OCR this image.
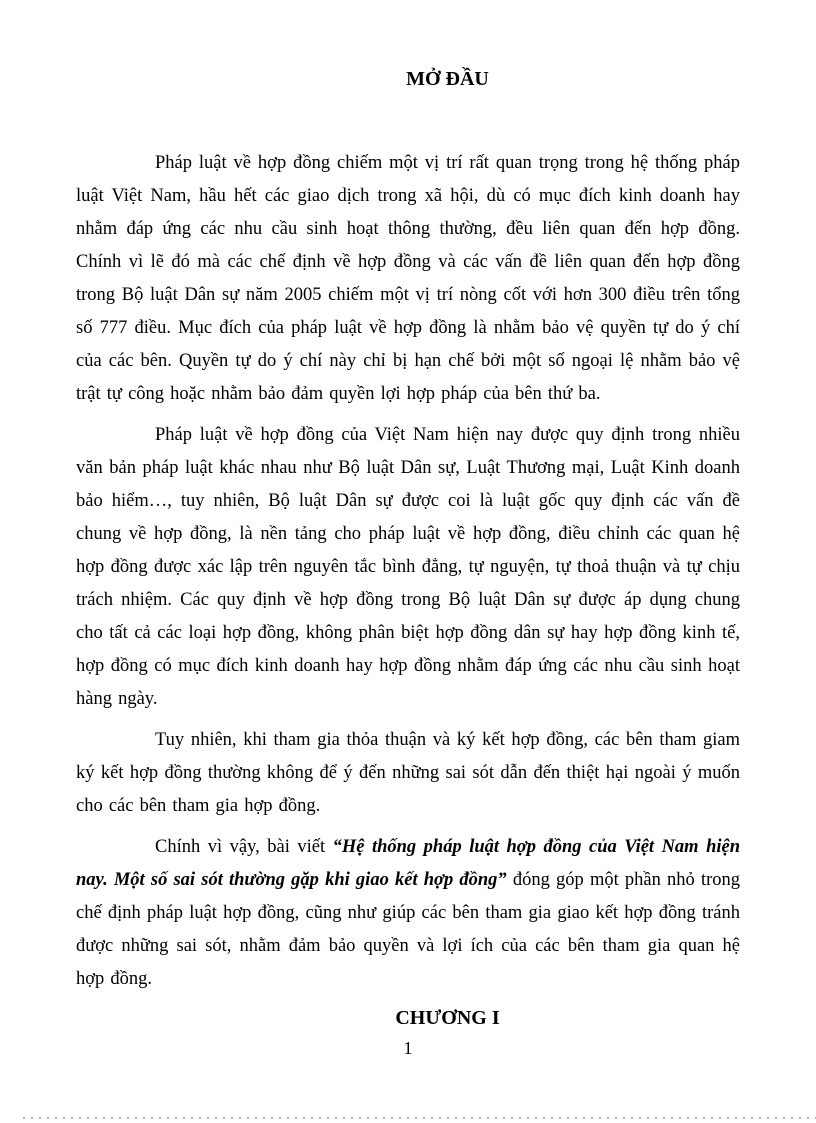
MỞ ĐẦU

Pháp luật về hợp đồng chiếm một vị trí rất quan trọng trong hệ thống pháp luật Việt Nam, hầu hết các giao dịch trong xã hội, dù có mục đích kinh doanh hay nhằm đáp ứng các nhu cầu sinh hoạt thông thường, đều liên quan đến hợp đồng. Chính vì lẽ đó mà các chế định về hợp đồng và các vấn đề liên quan đến hợp đồng trong Bộ luật Dân sự năm 2005 chiếm một vị trí nòng cốt với hơn 300 điều trên tổng số 777 điều. Mục đích của pháp luật về hợp đồng là nhằm bảo vệ quyền tự do ý chí của các bên. Quyền tự do ý chí này chỉ bị hạn chế bởi một số ngoại lệ nhằm bảo vệ trật tự công hoặc nhằm bảo đảm quyền lợi hợp pháp của bên thứ ba.

Pháp luật về hợp đồng của Việt Nam hiện nay được quy định trong nhiều văn bản pháp luật khác nhau như Bộ luật Dân sự, Luật Thương mại, Luật Kinh doanh bảo hiểm…, tuy nhiên, Bộ luật Dân sự được coi là luật gốc quy định các vấn đề chung về hợp đồng, là nền tảng cho pháp luật về hợp đồng, điều chỉnh các quan hệ hợp đồng được xác lập trên nguyên tắc bình đẳng, tự nguyện, tự thoả thuận và tự chịu trách nhiệm. Các quy định về hợp đồng trong Bộ luật Dân sự được áp dụng chung cho tất cả các loại hợp đồng, không phân biệt hợp đồng dân sự hay hợp đồng kinh tế, hợp đồng có mục đích kinh doanh hay hợp đồng nhằm đáp ứng các nhu cầu sinh hoạt hàng ngày.

Tuy nhiên, khi tham gia thỏa thuận và ký kết hợp đồng, các bên tham giam ký kết hợp đồng thường không để ý đến những sai sót dẫn đến thiệt hại ngoài ý muốn cho các bên tham gia hợp đồng.

Chính vì vậy, bài viết “Hệ thống pháp luật hợp đồng của Việt Nam hiện nay. Một số sai sót thường gặp khi giao kết hợp đồng” đóng góp một phần nhỏ trong chế định pháp luật hợp đồng, cũng như giúp các bên tham gia giao kết hợp đồng tránh được những sai sót, nhằm đảm bảo quyền và lợi ích của các bên tham gia quan hệ hợp đồng.

CHƯƠNG I
1
